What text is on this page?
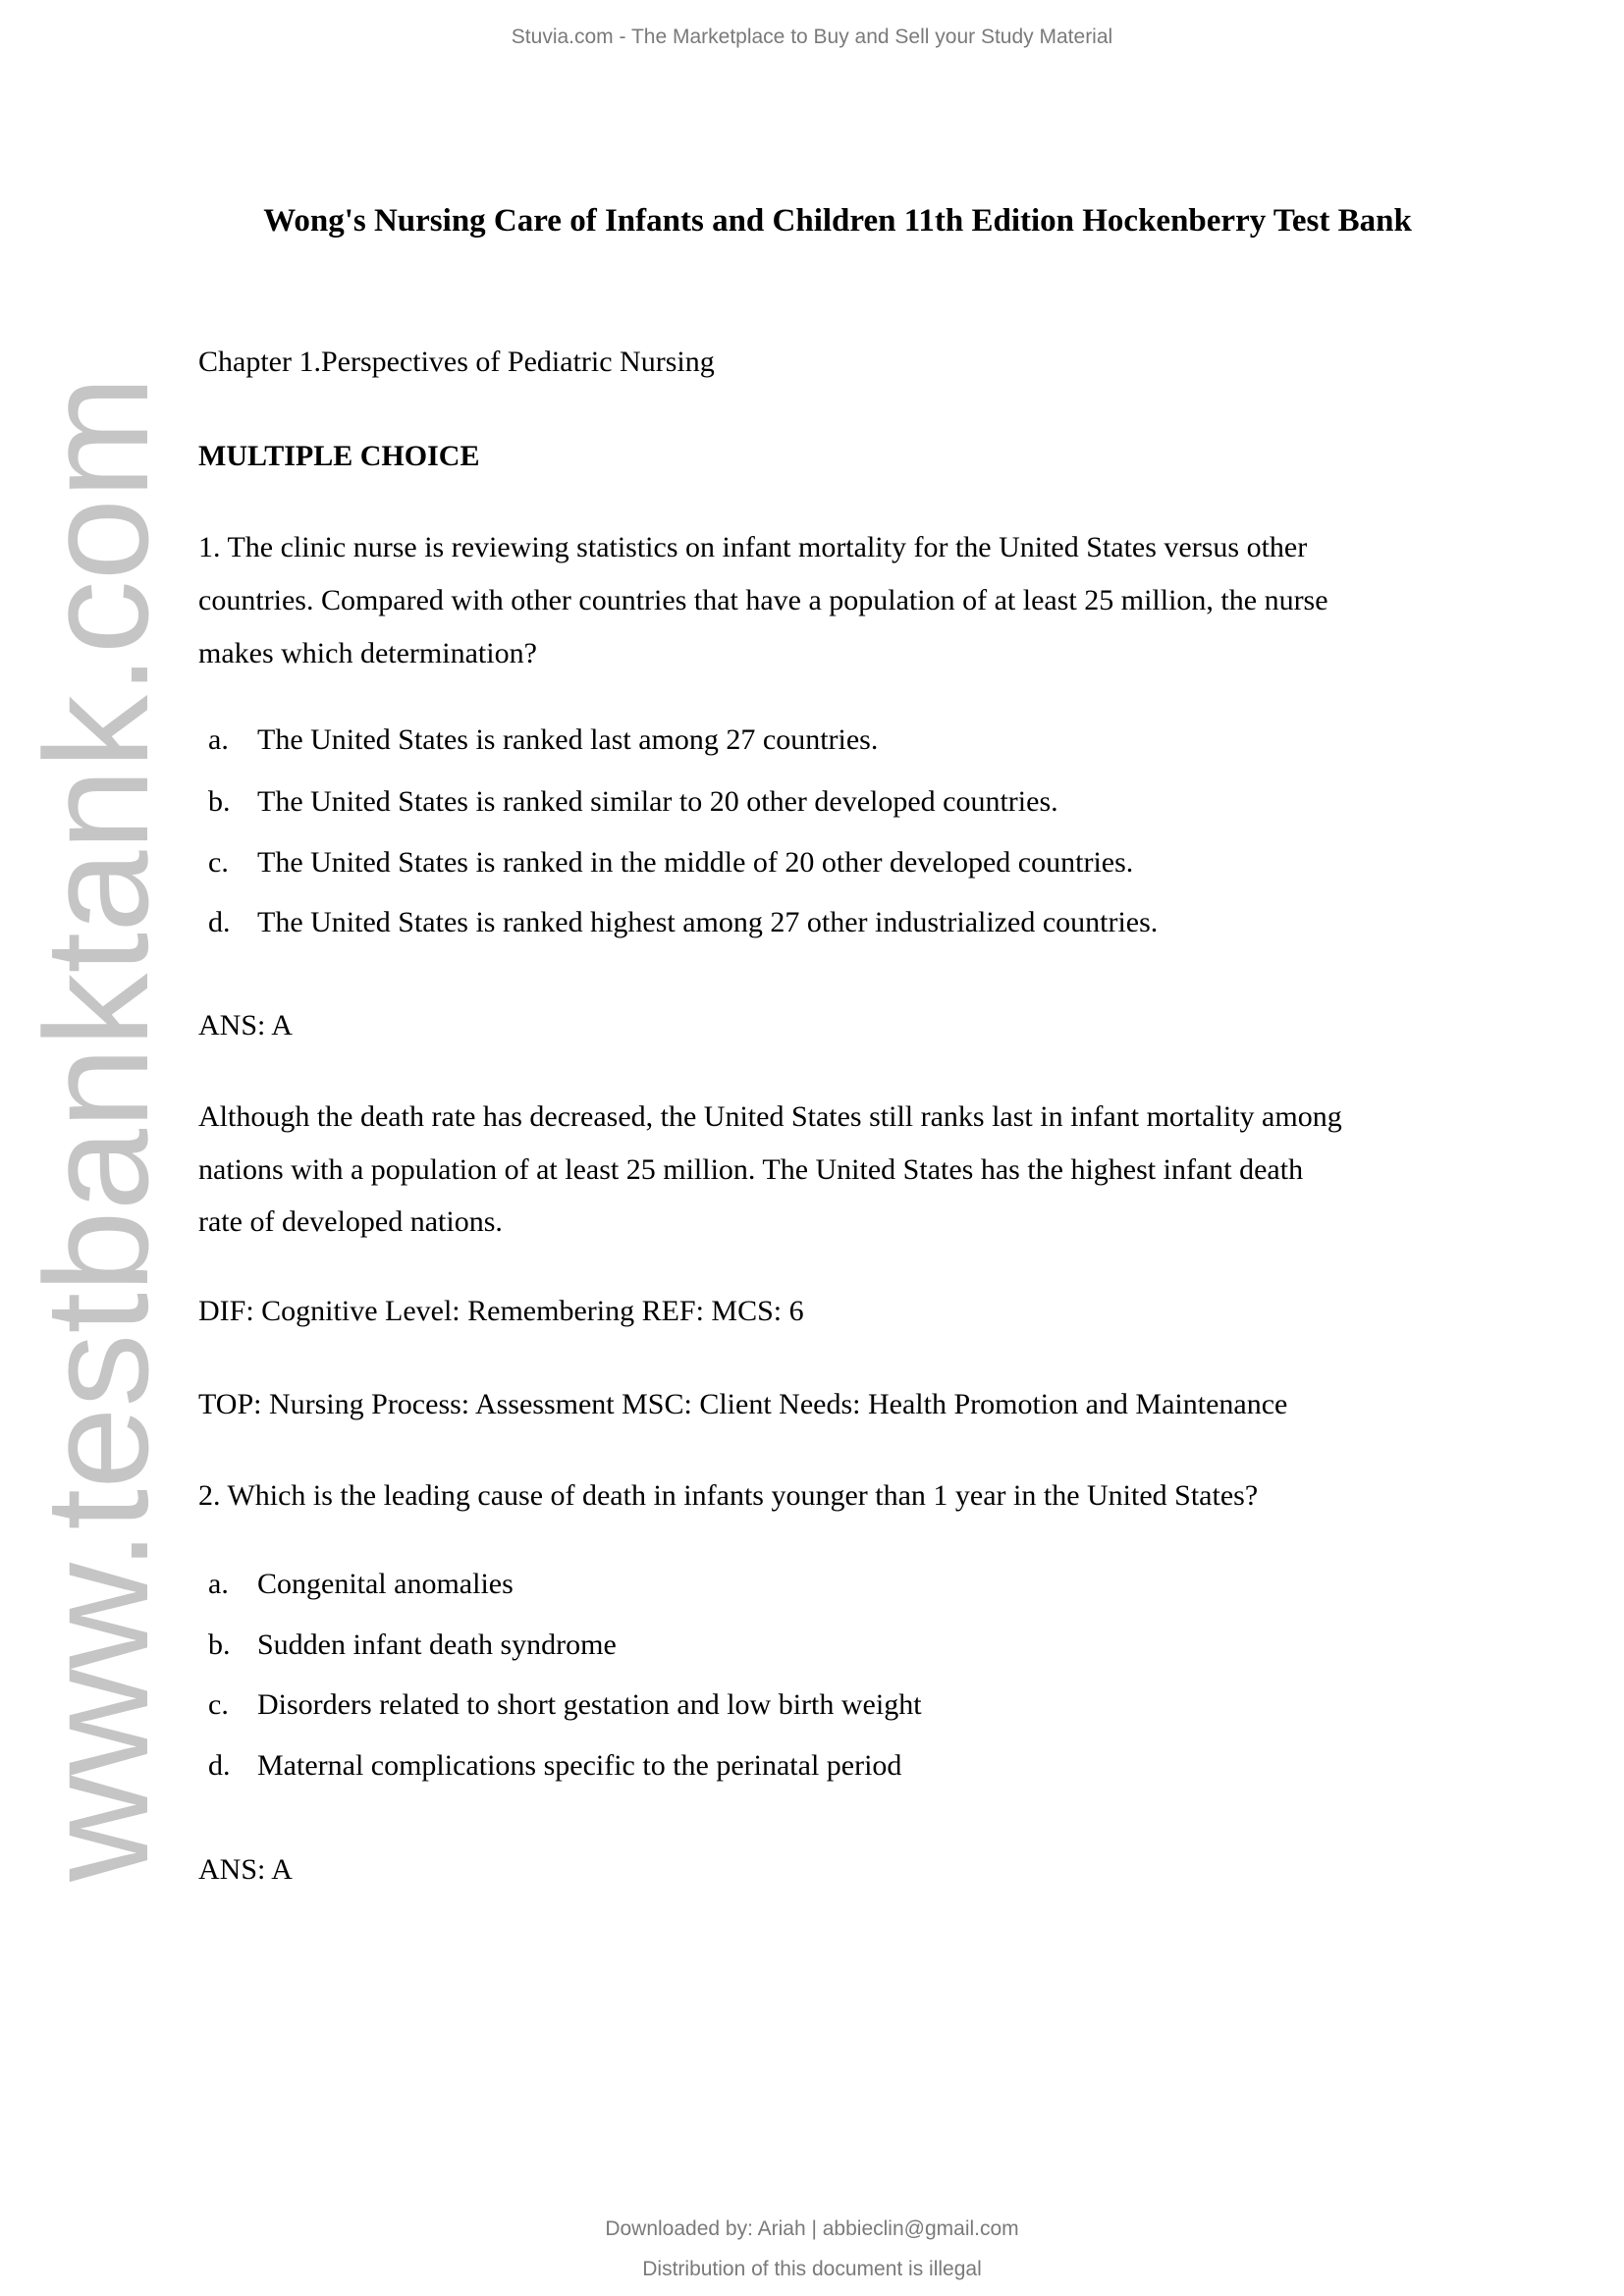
Stuvia.com - The Marketplace to Buy and Sell your Study Material
Wong's Nursing Care of Infants and Children 11th Edition Hockenberry Test Bank
Chapter 1.Perspectives of Pediatric Nursing
MULTIPLE CHOICE
1. The clinic nurse is reviewing statistics on infant mortality for the United States versus other
countries. Compared with other countries that have a population of at least 25 million, the nurse
makes which determination?
a. The United States is ranked last among 27 countries.
b. The United States is ranked similar to 20 other developed countries.
c. The United States is ranked in the middle of 20 other developed countries.
d. The United States is ranked highest among 27 other industrialized countries.
ANS: A
Although the death rate has decreased, the United States still ranks last in infant mortality among
nations with a population of at least 25 million. The United States has the highest infant death
rate of developed nations.
DIF: Cognitive Level: Remembering REF: MCS: 6
TOP: Nursing Process: Assessment MSC: Client Needs: Health Promotion and Maintenance
2. Which is the leading cause of death in infants younger than 1 year in the United States?
a. Congenital anomalies
b. Sudden infant death syndrome
c. Disorders related to short gestation and low birth weight
d. Maternal complications specific to the perinatal period
ANS: A
www.testbanktank.com
Downloaded by: Ariah | abbieclin@gmail.com
Distribution of this document is illegal
